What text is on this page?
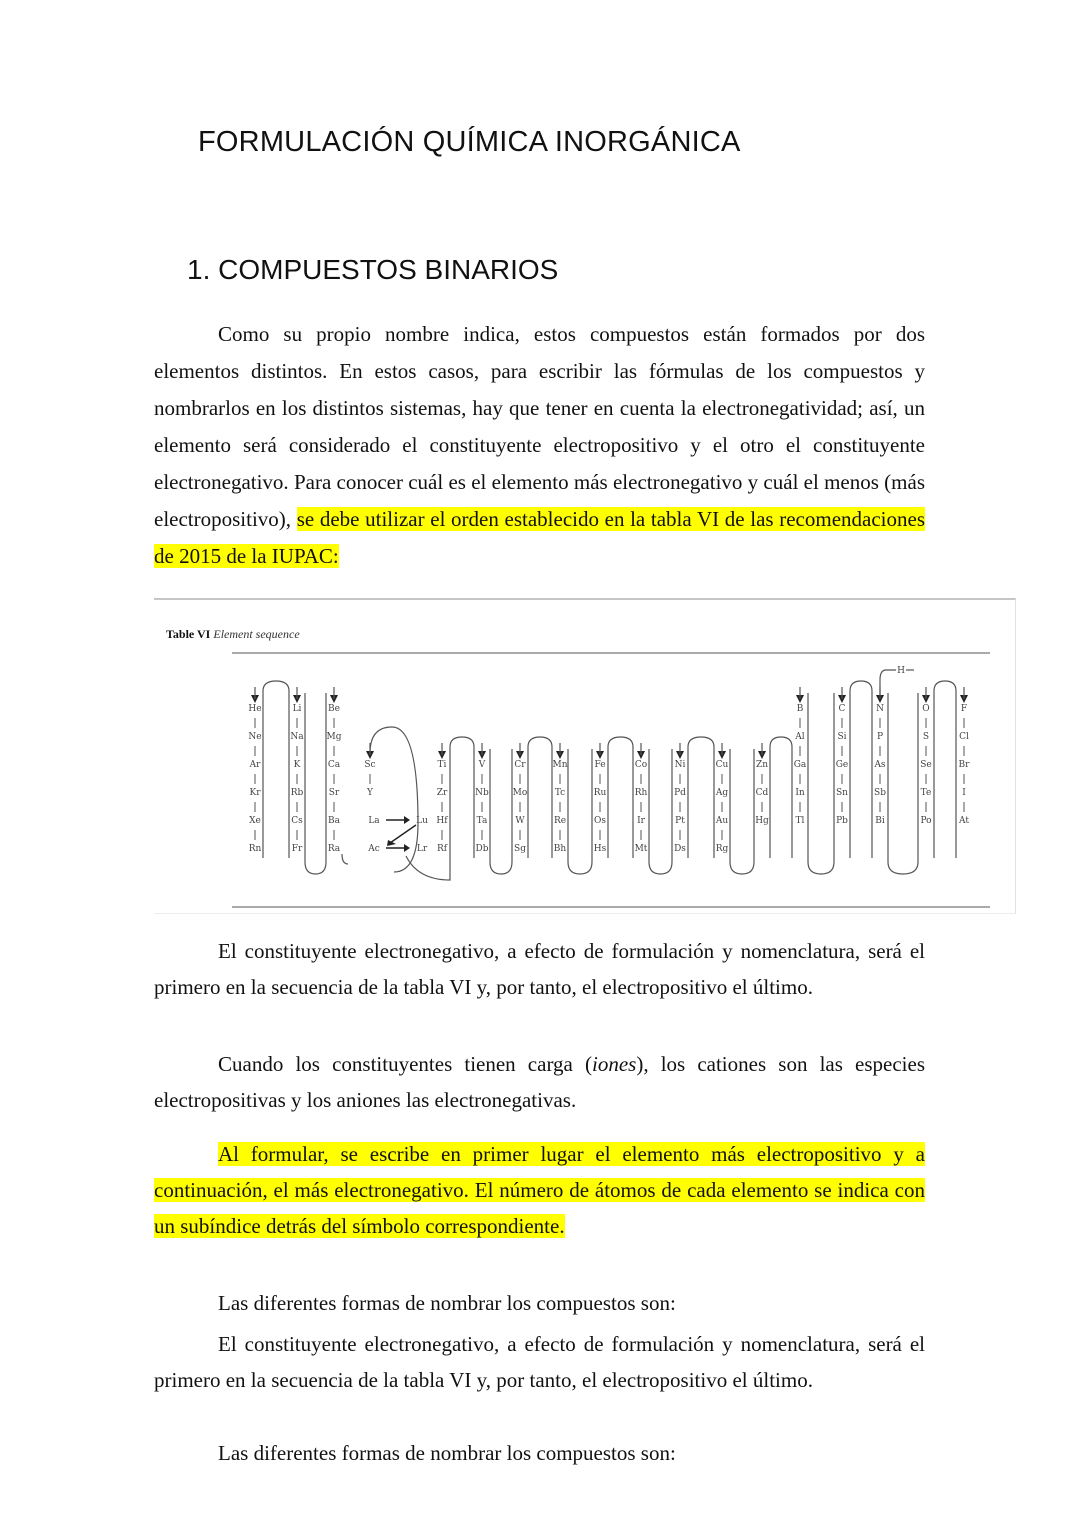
FORMULACIÓN QUÍMICA INORGÁNICA
1. COMPUESTOS BINARIOS

Como su propio nombre indica, estos compuestos están formados por dos elementos distintos. En estos casos, para escribir las fórmulas de los compuestos y nombrarlos en los distintos sistemas, hay que tener en cuenta la electronegatividad; así, un elemento será considerado el constituyente electropositivo y el otro el constituyente electronegativo. Para conocer cuál es el elemento más electronegativo y cuál el menos (más electropositivo), se debe utilizar el orden establecido en la tabla VI de las recomendaciones de 2015 de la IUPAC:

Table VI Element sequence
He
Ne
Ar
Kr
Xe
Rn
Li
Na
K
Rb
Cs
Fr
Be
Mg
Ca
Sr
Ba
Ra
Sc
Y
La	Lu
Ac	Lr
Ti
Zr
Hf
Rf
V
Nb
Ta
Db
Cr
Mo
W
Sg
Mn
Tc
Re
Bh
Fe
Ru
Os
Hs
Co
Rh
Ir
Mt
Ni
Pd
Pt
Ds
Cu
Ag
Au
Rg
Zn
Cd
Hg
B
Al
Ga
In
Tl
C
Si
Ge
Sn
Pb
N
P
As
Sb
Bi
O
S
Se
Te
Po
F
Cl
Br
I
At
H

El constituyente electronegativo, a efecto de formulación y nomenclatura, será el primero en la secuencia de la tabla VI y, por tanto, el electropositivo el último.

Cuando los constituyentes tienen carga (iones), los cationes son las especies electropositivas y los aniones las electronegativas.

Al formular, se escribe en primer lugar el elemento más electropositivo y a continuación, el más electronegativo. El número de átomos de cada elemento se indica con un subíndice detrás del símbolo correspondiente.

Las diferentes formas de nombrar los compuestos son:

El constituyente electronegativo, a efecto de formulación y nomenclatura, será el primero en la secuencia de la tabla VI y, por tanto, el electropositivo el último.

Las diferentes formas de nombrar los compuestos son:
